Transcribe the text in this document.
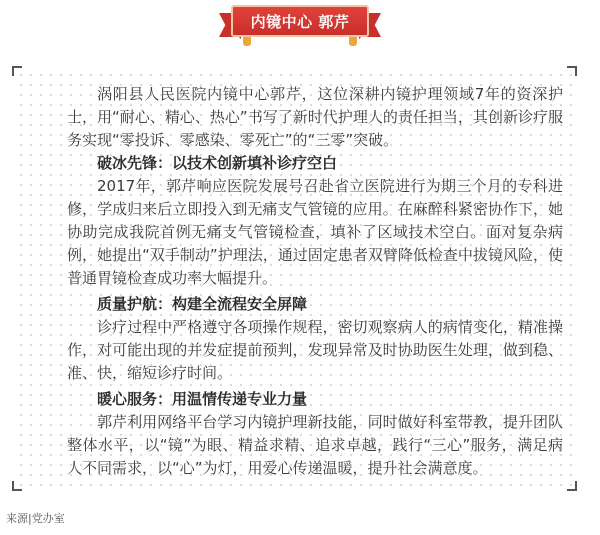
内镜中心 郭芹

涡阳县人民医院内镜中心郭芹，这位深耕内镜护理领域7年的资深护士，用“耐心、精心、热心”书写了新时代护理人的责任担当，其创新诊疗服务实现“零投诉、零感染、零死亡”的“三零”突破。

破冰先锋：以技术创新填补诊疗空白

2017年，郭芹响应医院发展号召赴省立医院进行为期三个月的专科进修，学成归来后立即投入到无痛支气管镜的应用。在麻醉科紧密协作下，她协助完成我院首例无痛支气管镜检查，填补了区域技术空白。面对复杂病例，她提出“双手制动”护理法，通过固定患者双臂降低检查中拔镜风险，使普通胃镜检查成功率大幅提升。

质量护航：构建全流程安全屏障

诊疗过程中严格遵守各项操作规程，密切观察病人的病情变化，精准操作，对可能出现的并发症提前预判，发现异常及时协助医生处理，做到稳、准、快，缩短诊疗时间。

暖心服务：用温情传递专业力量

郭芹利用网络平台学习内镜护理新技能，同时做好科室带教，提升团队整体水平，以“镜”为眼、精益求精、追求卓越，践行“三心”服务，满足病人不同需求，以“心”为灯，用爱心传递温暖，提升社会满意度。

来源|党办室
